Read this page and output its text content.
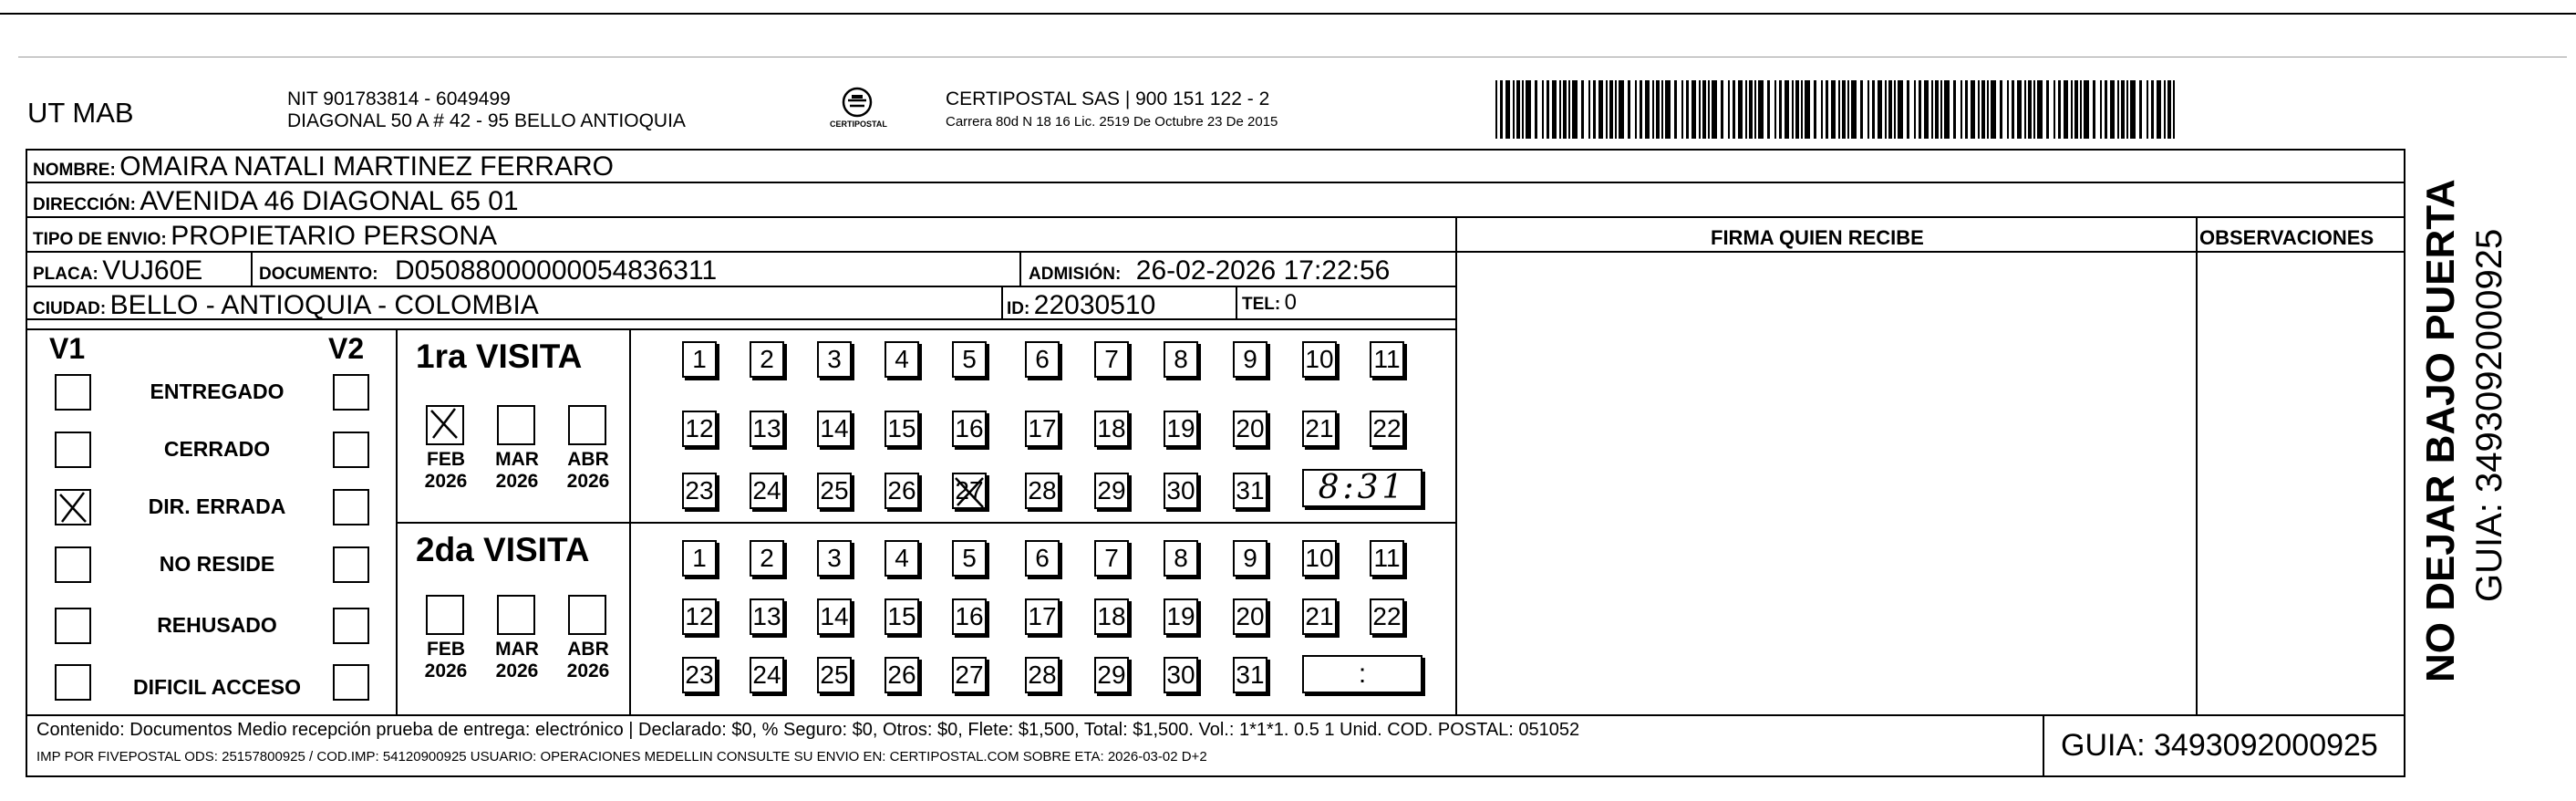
UT MAB	NIT 901783814 - 6049499
DIAGONAL 50 A # 42 - 95 BELLO ANTIOQUIA	CERTIPOSTAL
CERTIPOSTAL SAS | 900 151 122 - 2
Carrera 80d N 18 16 Lic. 2519 De Octubre 23 De 2015
NOMBRE: OMAIRA NATALI MARTINEZ FERRARO
DIRECCIÓN: AVENIDA 46 DIAGONAL 65 01
TIPO DE ENVIO: PROPIETARIO PERSONA
PLACA: VUJ60E	DOCUMENTO: D05088000000054836311	ADMISIÓN: 26-02-2026 17:22:56
CIUDAD: BELLO - ANTIOQUIA - COLOMBIA	ID: 22030510	TEL: 0
FIRMA QUIEN RECIBE	OBSERVACIONES
V1	V2
ENTREGADO
CERRADO
DIR. ERRADA
NO RESIDE
REHUSADO
DIFICIL ACCESO
1ra VISITA
2da VISITA
FEB
2026
MAR
2026
ABR
2026
FEB
2026
MAR
2026
ABR
2026
1	2	3	4	5	6	7	8	9	10 11
12 13 14 15 16 17 18 19 20 21 22
23 24 25 26 27 28 29 30 31
1	2	3	4	5	6	7	8	9	10 11
12 13 14 15 16 17 18 19 20 21 22
23 24 25 26 27 28 29 30 31
8:31
:
Contenido: Documentos Medio recepción prueba de entrega: electrónico | Declarado: $0, % Seguro: $0, Otros: $0, Flete: $1,500, Total: $1,500. Vol.: 1*1*1. 0.5 1 Unid. COD. POSTAL: 051052
IMP POR FIVEPOSTAL ODS: 25157800925 / COD.IMP: 54120900925 USUARIO: OPERACIONES MEDELLIN CONSULTE SU ENVIO EN: CERTIPOSTAL.COM SOBRE ETA: 2026-03-02 D+2	GUIA: 3493092000925
NO DEJAR BAJO PUERTA GUIA: 3493092000925
